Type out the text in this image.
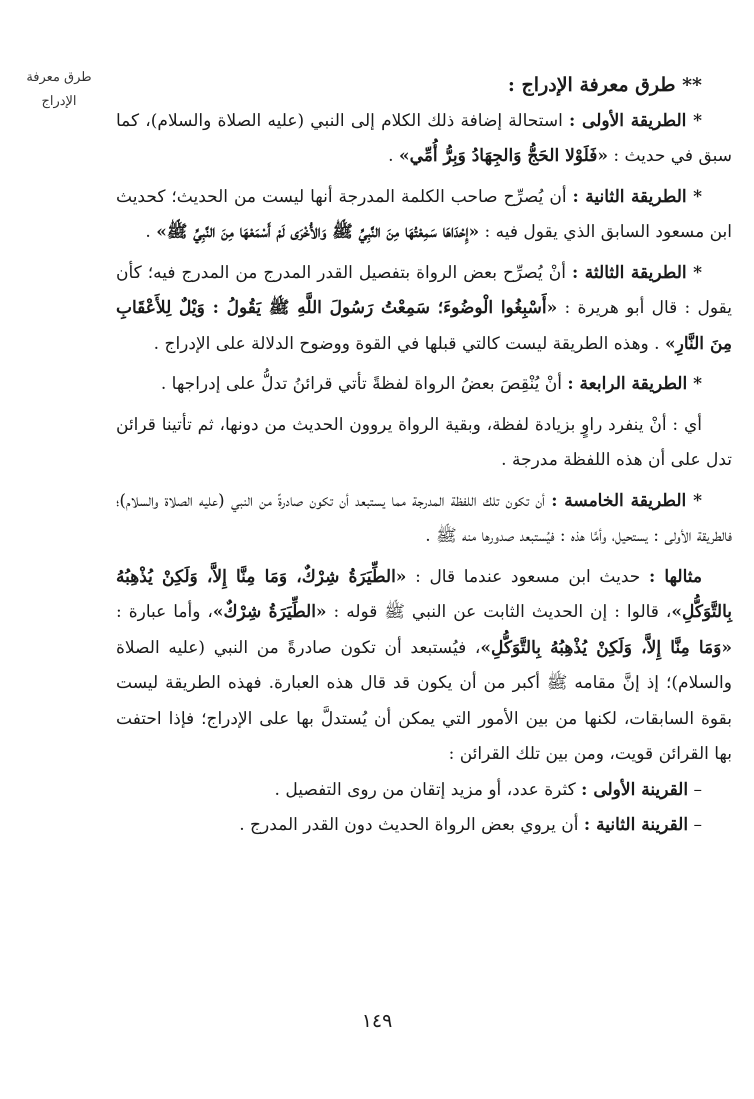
طرق معرفة الإدراج

** طرق معرفة الإدراج :

* الطريقة الأولى : استحالة إضافة ذلك الكلام إلى النبي (عليه الصلاة والسلام)، كما سبق في حديث : «فَلَوْلا الحَجُّ وَالجِهَادُ وَبِرُّ أُمِّي» .

* الطريقة الثانية : أن يُصرِّح صاحب الكلمة المدرجة أنها ليست من الحديث؛ كحديث ابن مسعود السابق الذي يقول فيه : «إِحْدَاهَا سَمِعْتُهَا مِنَ النَّبِيِّ ﷺ وَالأُخْرَى لَمْ أَسْمَعْهَا مِنَ النَّبِيِّ ﷺ» .

* الطريقة الثالثة : أنْ يُصرِّح بعض الرواة بتفصيل القدر المدرج من المدرج فيه؛ كأن يقول : قال أبو هريرة : «أَسْبِغُوا الْوضُوءَ؛ سَمِعْتُ رَسُولَ اللَّهِ ﷺ يَقُولُ : وَيْلٌ لِلأَعْقَابِ مِنَ النَّارِ» . وهذه الطريقة ليست كالتي قبلها في القوة ووضوح الدلالة على الإدراج .

* الطريقة الرابعة : أنْ يُنْقِصَ بعضُ الرواة لفظةً تأتي قرائنُ تدلُّ على إدراجها .

أي : أنْ ينفرد راوٍ بزيادة لفظة، وبقية الرواة يروون الحديث من دونها، ثم تأتينا قرائن تدل على أن هذه اللفظة مدرجة .

* الطريقة الخامسة : أن تكون تلك اللفظة المدرجة مما يستبعد أن تكون صادرةً من النبي (عليه الصلاة والسلام)؛ فالطريقة الأولى : يستحيل، وأمَّا هذه : فيُستبعد صدورها منه ﷺ .

مثالها : حديث ابن مسعود عندما قال : «الطِّيَرَةُ شِرْكٌ، وَمَا مِنَّا إِلاَّ، وَلَكِنْ يُذْهِبُهُ بِالتَّوَكُّلِ»، قالوا : إن الحديث الثابت عن النبي ﷺ قوله : «الطِّيَرَةُ شِرْكٌ»، وأما عبارة : «وَمَا مِنَّا إِلاَّ، وَلَكِنْ يُذْهِبُهُ بِالتَّوَكُّلِ»، فيُستبعد أن تكون صادرةً من النبي (عليه الصلاة والسلام)؛ إذ إنَّ مقامه ﷺ أكبر من أن يكون قد قال هذه العبارة. فهذه الطريقة ليست بقوة السابقات، لكنها من بين الأمور التي يمكن أن يُستدلَّ بها على الإدراج؛ فإذا احتفت بها القرائن قويت، ومن بين تلك القرائن :

– القرينة الأولى : كثرة عدد، أو مزيد إتقان من روى التفصيل .

– القرينة الثانية : أن يروي بعض الرواة الحديث دون القدر المدرج .

١٤٩
